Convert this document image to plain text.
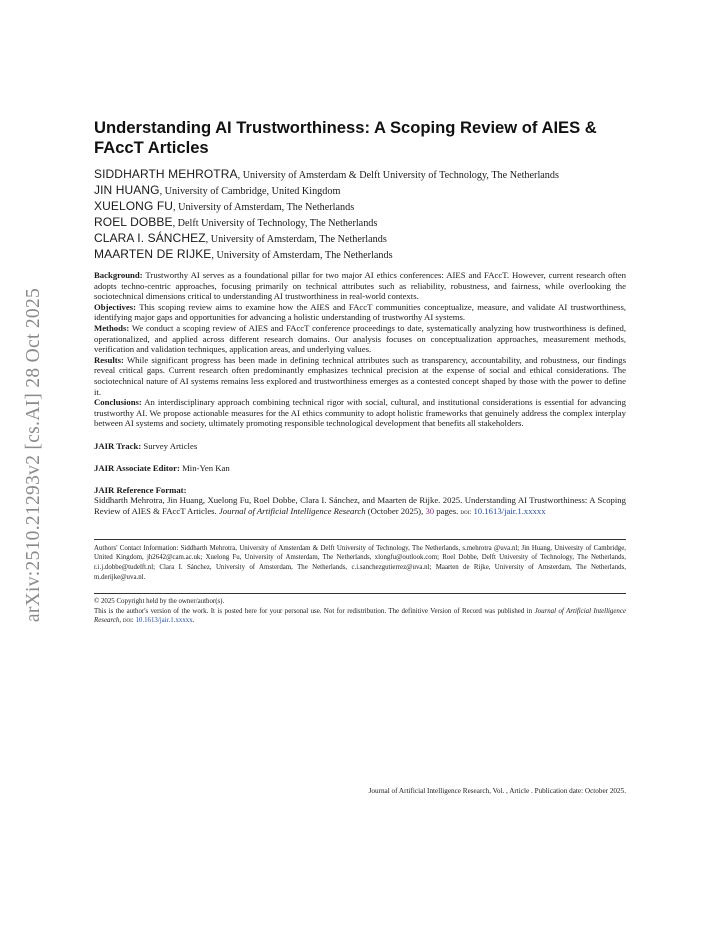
arXiv:2510.21293v2 [cs.AI] 28 Oct 2025
Understanding AI Trustworthiness: A Scoping Review of AIES & FAccT Articles

SIDDHARTH MEHROTRA, University of Amsterdam & Delft University of Technology, The Netherlands

JIN HUANG, University of Cambridge, United Kingdom

XUELONG FU, University of Amsterdam, The Netherlands

ROEL DOBBE, Delft University of Technology, The Netherlands

CLARA I. SÁNCHEZ, University of Amsterdam, The Netherlands

MAARTEN DE RIJKE, University of Amsterdam, The Netherlands

Background: Trustworthy AI serves as a foundational pillar for two major AI ethics conferences: AIES and FAccT. However, current research often adopts techno-centric approaches, focusing primarily on technical attributes such as reliability, robustness, and fairness, while overlooking the sociotechnical dimensions critical to understanding AI trustworthiness in real-world contexts.

Objectives: This scoping review aims to examine how the AIES and FAccT communities conceptualize, measure, and validate AI trustworthiness, identifying major gaps and opportunities for advancing a holistic understanding of trustworthy AI systems.

Methods: We conduct a scoping review of AIES and FAccT conference proceedings to date, systematically analyzing how trustworthiness is defined, operationalized, and applied across different research domains. Our analysis focuses on conceptualization approaches, measurement methods, verification and validation techniques, application areas, and underlying values.

Results: While significant progress has been made in defining technical attributes such as transparency, accountability, and robustness, our findings reveal critical gaps. Current research often predominantly emphasizes technical precision at the expense of social and ethical considerations. The sociotechnical nature of AI systems remains less explored and trustworthiness emerges as a contested concept shaped by those with the power to define it.

Conclusions: An interdisciplinary approach combining technical rigor with social, cultural, and institutional considerations is essential for advancing trustworthy AI. We propose actionable measures for the AI ethics community to adopt holistic frameworks that genuinely address the complex interplay between AI systems and society, ultimately promoting responsible technological development that benefits all stakeholders.

JAIR Track: Survey Articles

JAIR Associate Editor: Min-Yen Kan

JAIR Reference Format:

Siddharth Mehrotra, Jin Huang, Xuelong Fu, Roel Dobbe, Clara I. Sánchez, and Maarten de Rijke. 2025. Understanding AI Trustworthiness: A Scoping Review of AIES & FAccT Articles. Journal of Artificial Intelligence Research (October 2025), 30 pages. doi: 10.1613/jair.1.xxxxx

Authors' Contact Information: Siddharth Mehrotra, University of Amsterdam & Delft University of Technology, The Netherlands, s.mehrotra @uva.nl; Jin Huang, University of Cambridge, United Kingdom, jh2642@cam.ac.uk; Xuelong Fu, University of Amsterdam, The Netherlands, xlongfu@outlook.com; Roel Dobbe, Delft University of Technology, The Netherlands, r.i.j.dobbe@tudelft.nl; Clara I. Sánchez, University of Amsterdam, The Netherlands, c.i.sanchezgutierrez@uva.nl; Maarten de Rijke, University of Amsterdam, The Netherlands, m.derijke@uva.nl.

© 2025 Copyright held by the owner/author(s).

This is the author's version of the work. It is posted here for your personal use. Not for redistribution. The definitive Version of Record was published in Journal of Artificial Intelligence Research, doi: 10.1613/jair.1.xxxxx.

Journal of Artificial Intelligence Research, Vol. , Article . Publication date: October 2025.
